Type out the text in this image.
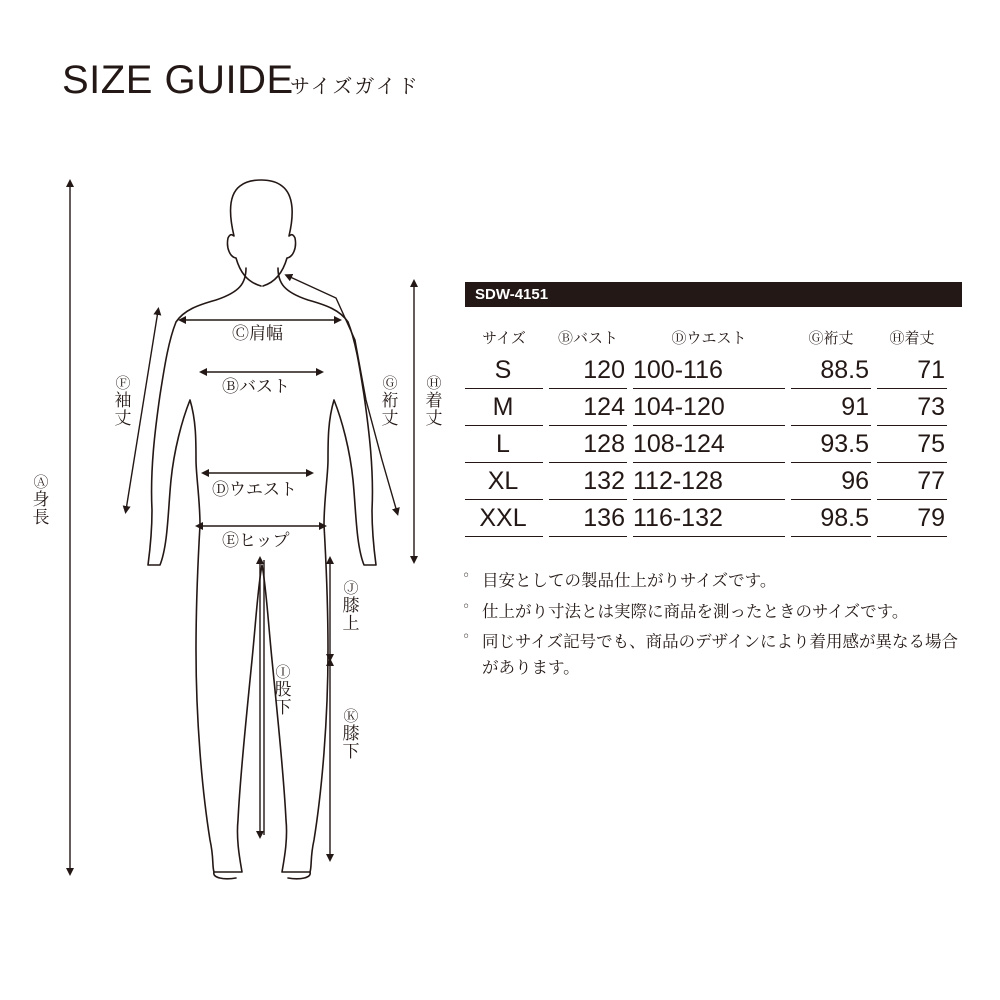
SIZE GUIDE
サイズガイド
Ⓒ肩幅
Ⓑバスト
Ⓓウエスト
Ⓔヒップ
Ⓐ
身長
Ⓕ
袖丈
Ⓖ
裄丈
Ⓗ
着丈
Ⓘ
股下
Ⓙ
膝上
Ⓚ
膝下
SDW-4151
サイズ		Ⓑバスト		Ⓓウエスト		Ⓖ裄丈		Ⓗ着丈
S		120		100-116		88.5		71
M		124		104-120		91		73
L		128		108-124		93.5		75
XL		132		112-128		96		77
XXL		136		116-132		98.5		79
◦ 目安としての製品仕上がりサイズです。
◦ 仕上がり寸法とは実際に商品を測ったときのサイズです。
◦ 同じサイズ記号でも、商品のデザインにより着用感が異なる場合があります。
